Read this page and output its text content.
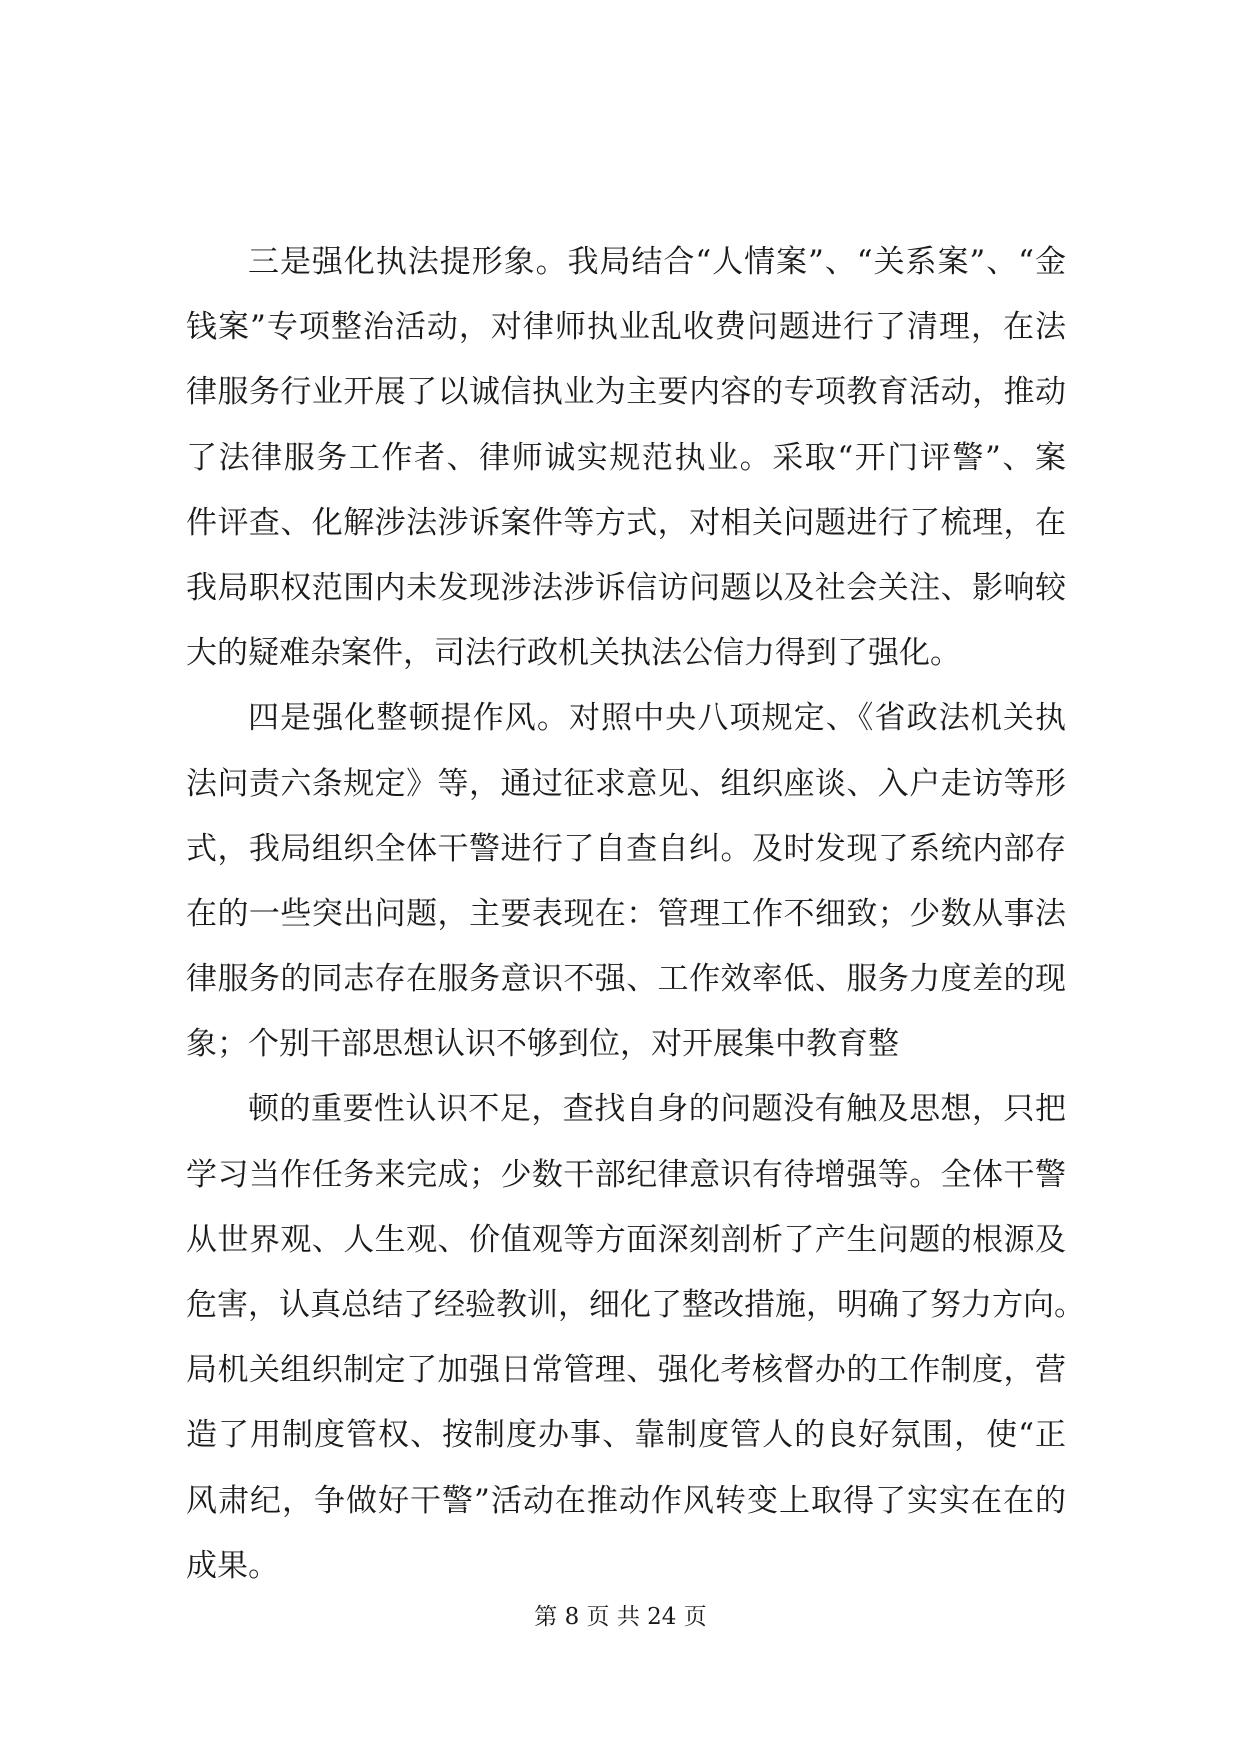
三是强化执法提形象。我局结合“人情案”、“关系案”、“金
钱案”专项整治活动，对律师执业乱收费问题进行了清理，在法
律服务行业开展了以诚信执业为主要内容的专项教育活动，推动
了法律服务工作者、律师诚实规范执业。采取“开门评警”、案
件评查、化解涉法涉诉案件等方式，对相关问题进行了梳理，在
我局职权范围内未发现涉法涉诉信访问题以及社会关注、影响较
大的疑难杂案件，司法行政机关执法公信力得到了强化。

四是强化整顿提作风。对照中央八项规定、《省政法机关执
法问责六条规定》等，通过征求意见、组织座谈、入户走访等形
式，我局组织全体干警进行了自查自纠。及时发现了系统内部存
在的一些突出问题，主要表现在：管理工作不细致；少数从事法
律服务的同志存在服务意识不强、工作效率低、服务力度差的现
象；个别干部思想认识不够到位，对开展集中教育整

顿的重要性认识不足，查找自身的问题没有触及思想，只把
学习当作任务来完成；少数干部纪律意识有待增强等。全体干警
从世界观、人生观、价值观等方面深刻剖析了产生问题的根源及
危害，认真总结了经验教训，细化了整改措施，明确了努力方向。
局机关组织制定了加强日常管理、强化考核督办的工作制度，营
造了用制度管权、按制度办事、靠制度管人的良好氛围，使“正
风肃纪，争做好干警”活动在推动作风转变上取得了实实在在的
成果。

第 8 页 共 24 页
